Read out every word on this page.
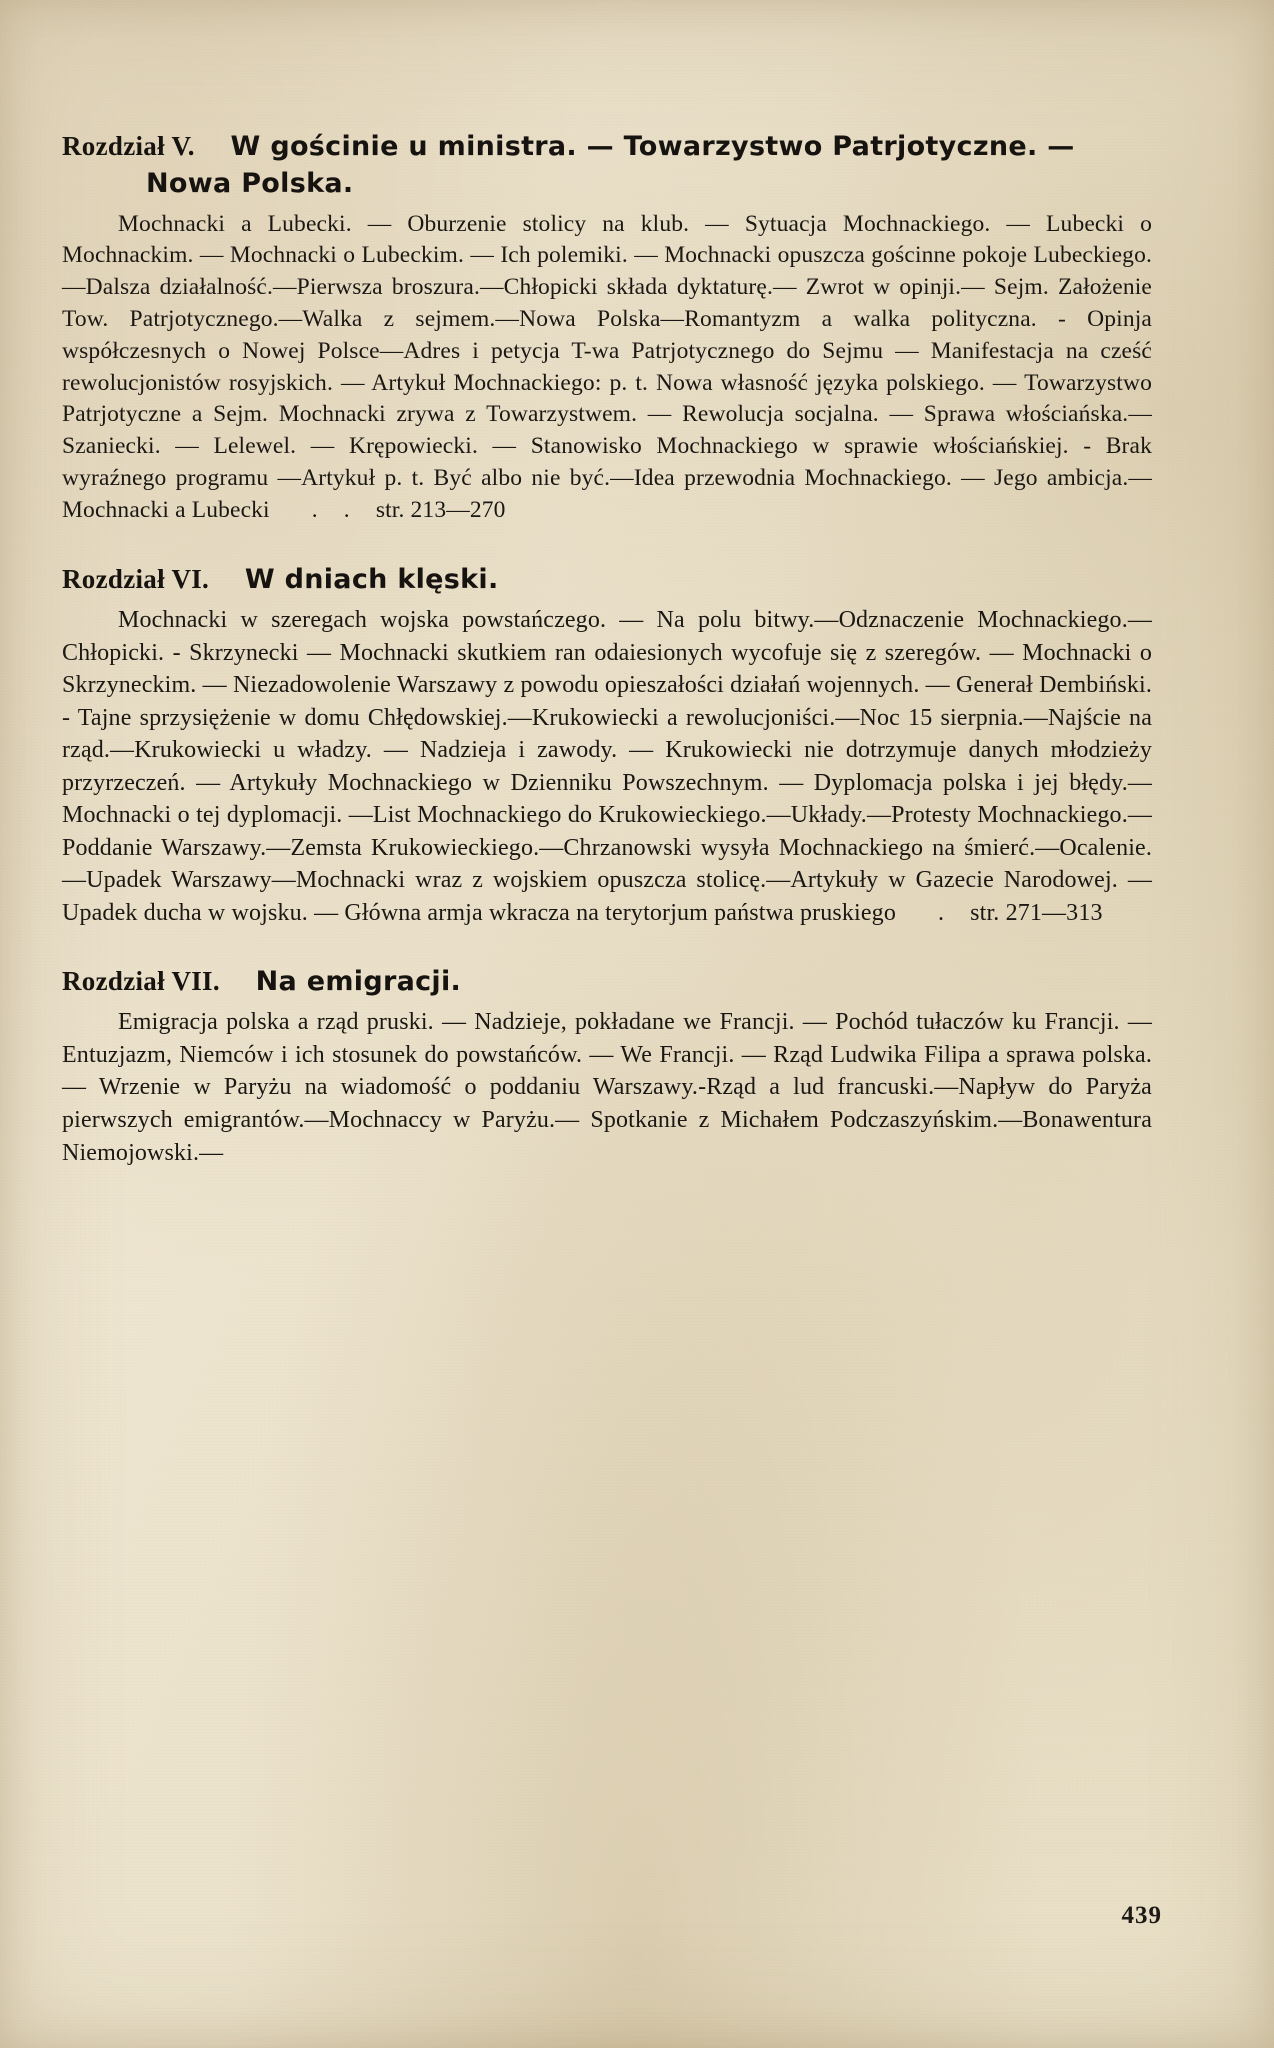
Rozdział V. W gościnie u ministra. — Towarzystwo Patrjotyczne. — Nowa Polska.

Mochnacki a Lubecki. — Oburzenie stolicy na klub. — Sytuacja Mochnackiego. — Lubecki o Mochnackim. — Mochnacki o Lubeckim. — Ich polemiki. — Mochnacki opuszcza gościnne pokoje Lubeckiego.—Dalsza działalność.—Pierwsza broszura.—Chłopicki składa dyktaturę.— Zwrot w opinji.— Sejm. Założenie Tow. Patrjotycznego.—Walka z sejmem.—Nowa Polska—Romantyzm a walka polityczna. - Opinja współczesnych o Nowej Polsce—Adres i petycja T-wa Patrjotycznego do Sejmu — Manifestacja na cześć rewolucjonistów rosyjskich. — Artykuł Mochnackiego: p. t. Nowa własność języka polskiego. — Towarzystwo Patrjotyczne a Sejm. Mochnacki zrywa z Towarzystwem. — Rewolucja socjalna. — Sprawa włościańska.— Szaniecki. — Lelewel. — Krępowiecki. — Stanowisko Mochnackiego w sprawie włościańskiej. - Brak wyraźnego programu —Artykuł p. t. Być albo nie być.—Idea przewodnia Mochnackiego. — Jego ambicja.—Mochnacki a Lubecki . . str. 213—270

Rozdział VI. W dniach klęski.

Mochnacki w szeregach wojska powstańczego. — Na polu bitwy.—Odznaczenie Mochnackiego.—Chłopicki. - Skrzynecki — Mochnacki skutkiem ran odaiesionych wycofuje się z szeregów. — Mochnacki o Skrzyneckim. — Niezadowolenie Warszawy z powodu opieszałości działań wojennych. — Generał Dembiński. - Tajne sprzysiężenie w domu Chłędowskiej.—Krukowiecki a rewolucjoniści.—Noc 15 sierpnia.—Najście na rząd.—Krukowiecki u władzy. — Nadzieja i zawody. — Krukowiecki nie dotrzymuje danych młodzieży przyrzeczeń. — Artykuły Mochnackiego w Dzienniku Powszechnym. — Dyplomacja polska i jej błędy.— Mochnacki o tej dyplomacji. —List Mochnackiego do Krukowieckiego.—Układy.—Protesty Mochnackiego.—Poddanie Warszawy.—Zemsta Krukowieckiego.—Chrzanowski wysyła Mochnackiego na śmierć.—Ocalenie.—Upadek Warszawy—Mochnacki wraz z wojskiem opuszcza stolicę.—Artykuły w Gazecie Narodowej. — Upadek ducha w wojsku. — Główna armja wkracza na terytorjum państwa pruskiego . str. 271—313

Rozdział VII. Na emigracji.

Emigracja polska a rząd pruski. — Nadzieje, pokładane we Francji. — Pochód tułaczów ku Francji. — Entuzjazm, Niemców i ich stosunek do powstańców. — We Francji. — Rząd Ludwika Filipa a sprawa polska. — Wrzenie w Paryżu na wiadomość o poddaniu Warszawy.-Rząd a lud francuski.—Napływ do Paryża pierwszych emigrantów.—Mochnaccy w Paryżu.— Spotkanie z Michałem Podczaszyńskim.—Bonawentura Niemojowski.—

439
